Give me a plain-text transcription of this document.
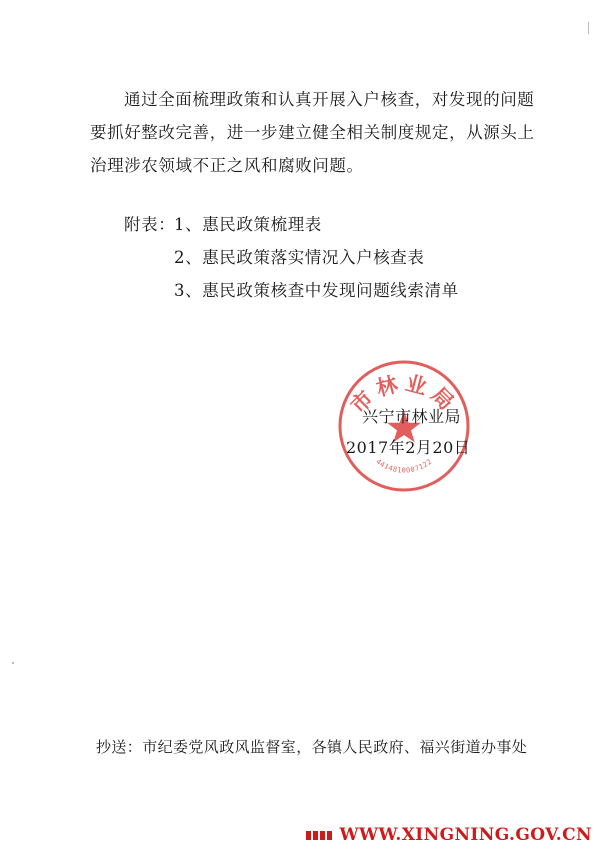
通过全面梳理政策和认真开展入户核查，对发现的问题
要抓好整改完善，进一步建立健全相关制度规定，从源头上
治理涉农领域不正之风和腐败问题。
附表：
1、惠民政策梳理表
2、惠民政策落实情况入户核查表
3、惠民政策核查中发现问题线索清单
市林业局
4414810007122
兴宁市林业局
2017年2月20日
抄送：市纪委党风政风监督室，各镇人民政府、福兴街道办事处
WWW.XINGNING.GOV.CN
